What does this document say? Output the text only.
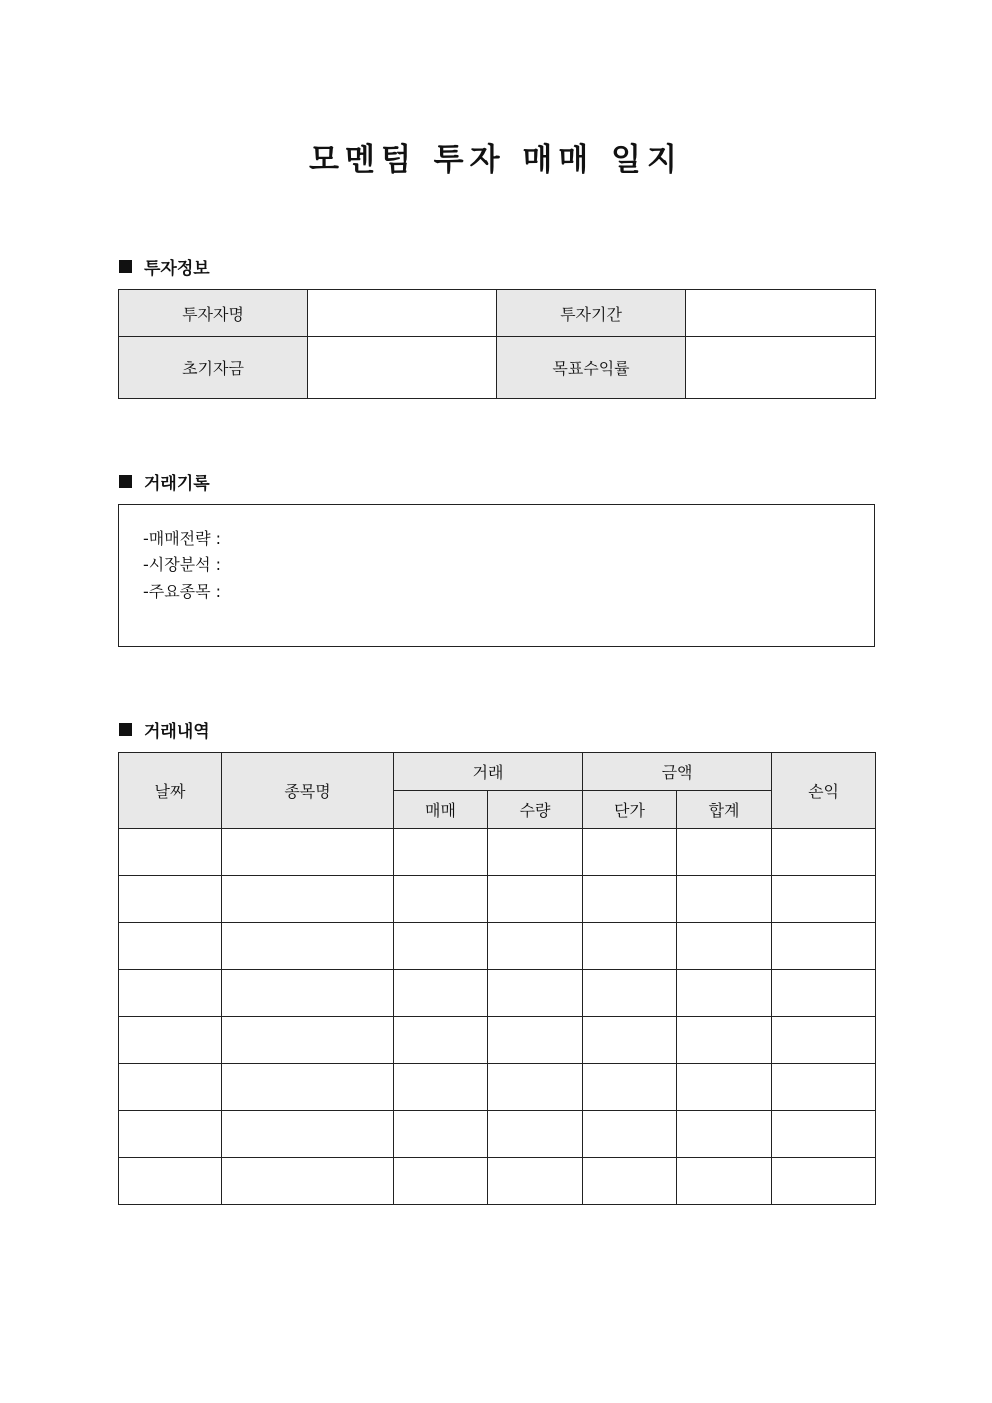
모멘텀 투자 매매 일지
투자정보
투자자명		투자기간	
초기자금		목표수익률	
거래기록
-매매전략 :
-시장분석 :
-주요종목 :
거래내역
날짜	종목명	거래		금액		손익
		매매	수량	단가	합계	
